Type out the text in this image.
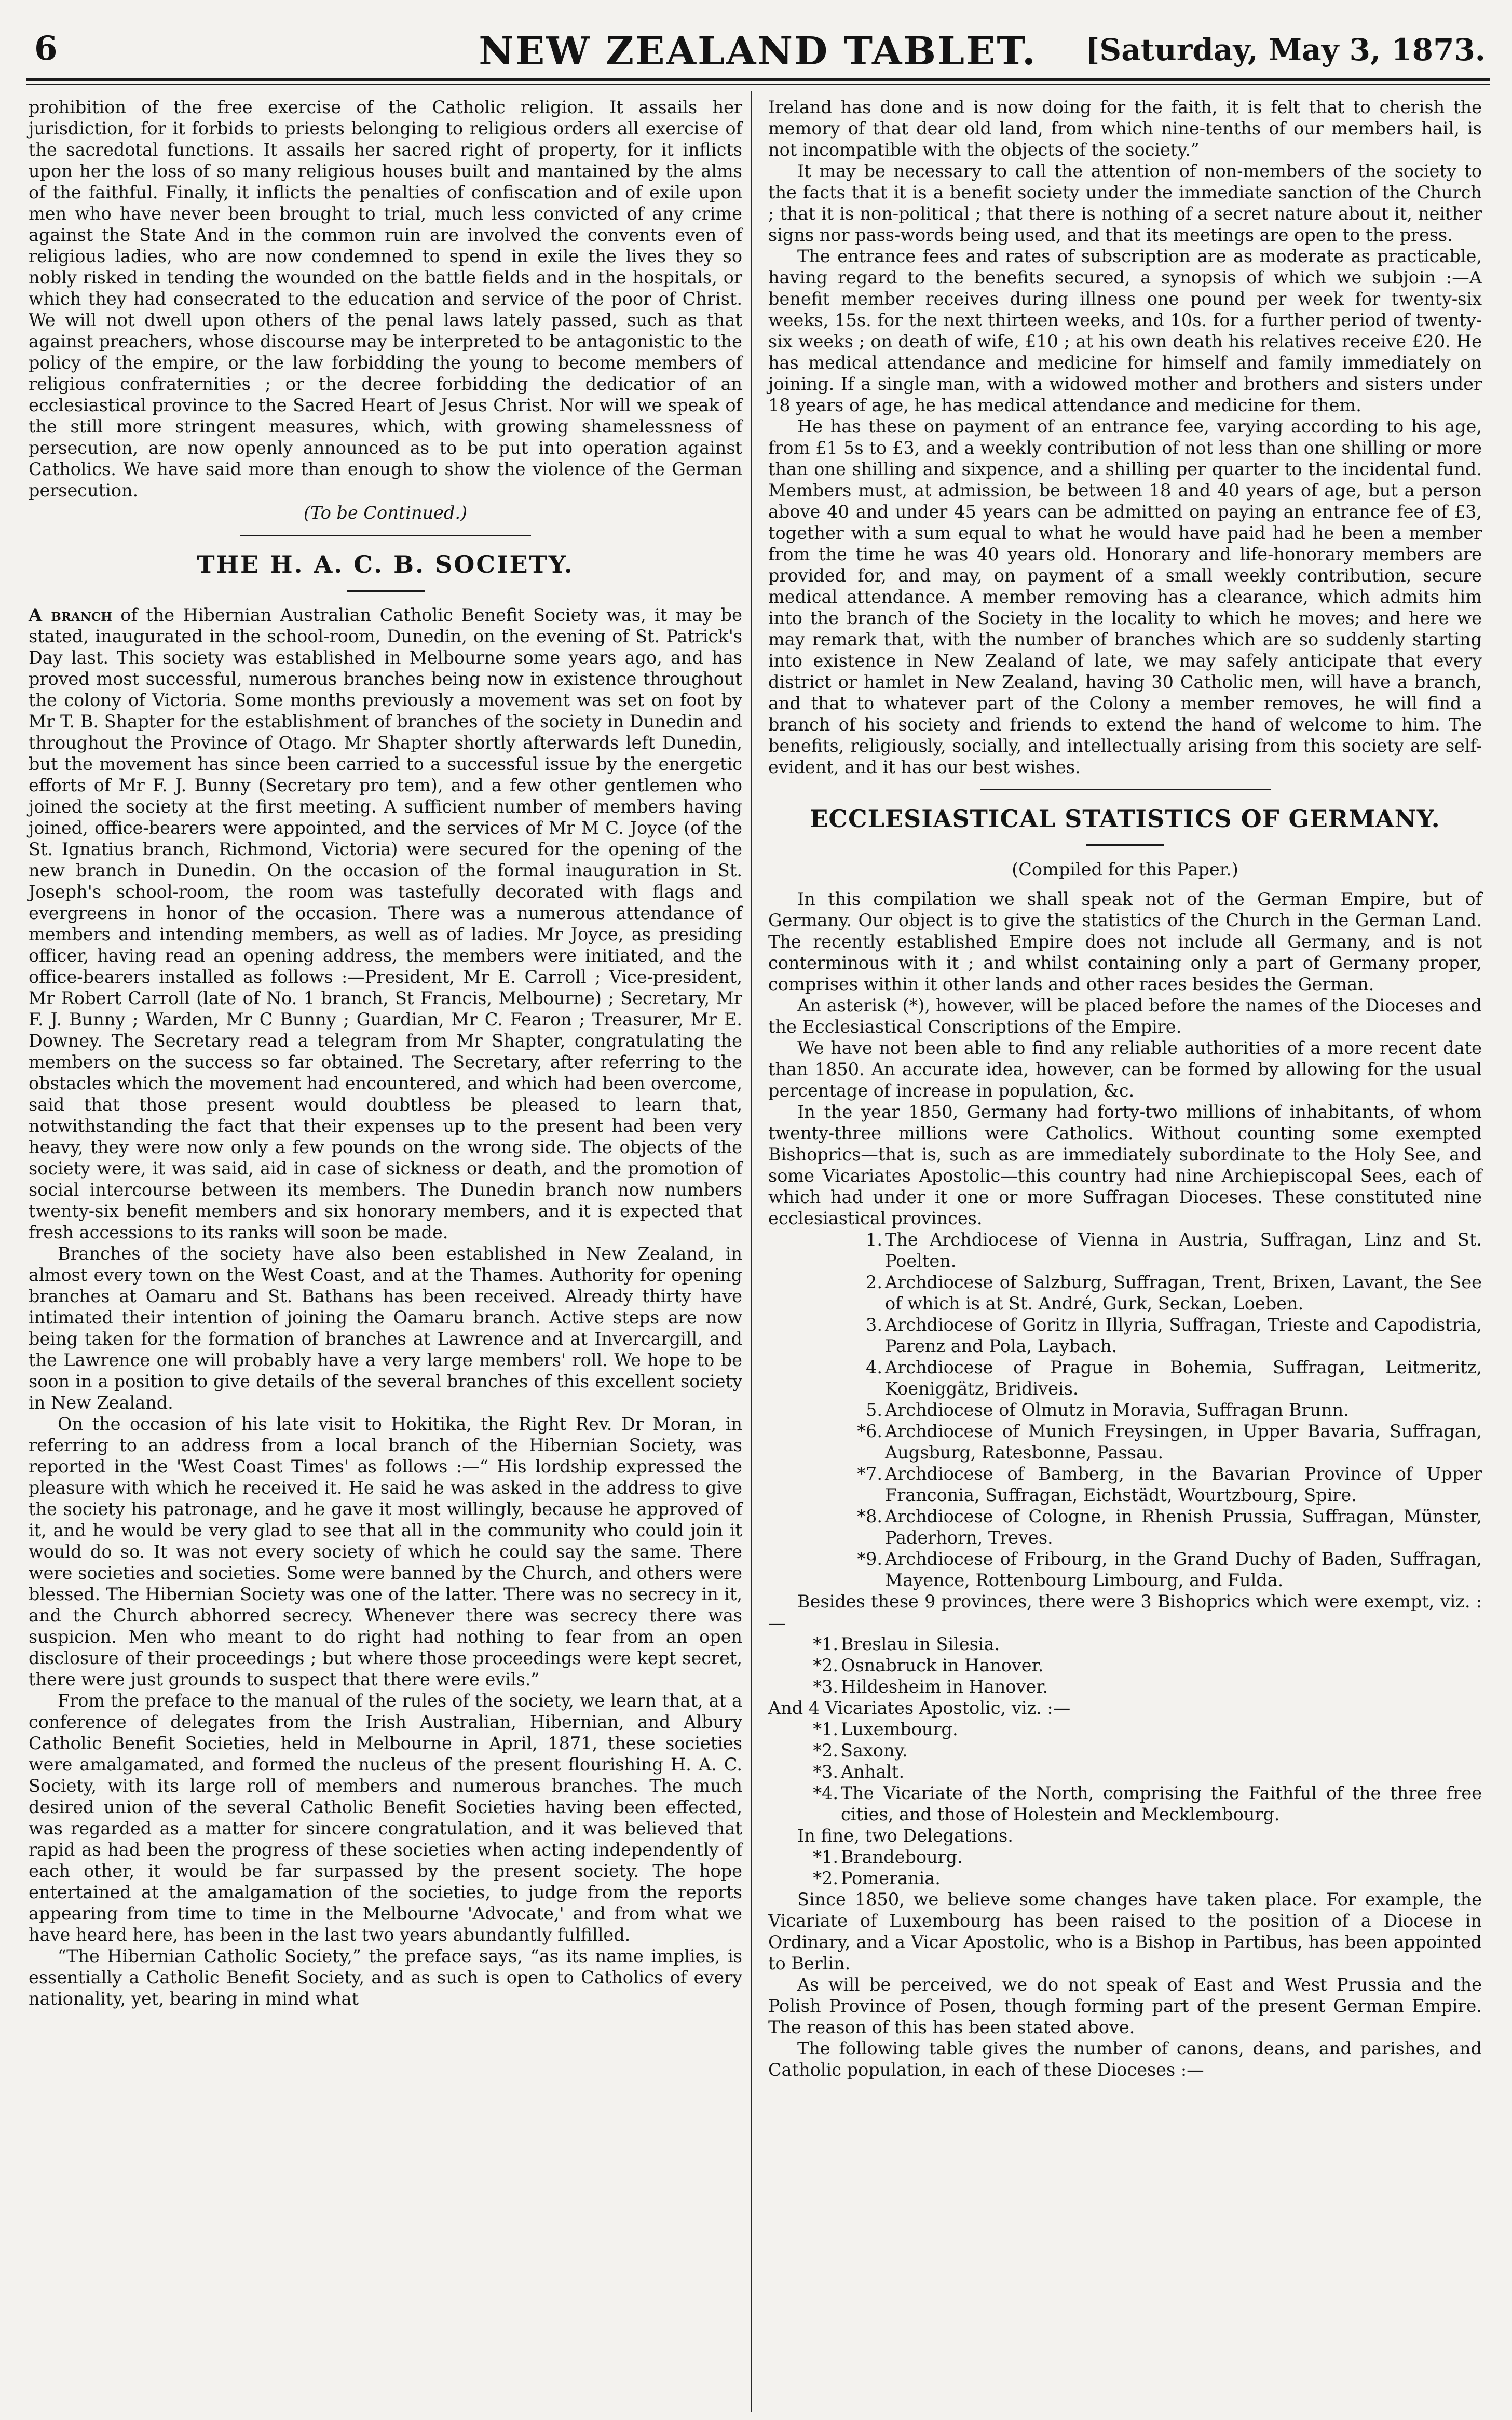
6	NEW ZEALAND TABLET.	[Saturday, May 3, 1873.

prohibition of the free exercise of the Catholic religion. It assails her jurisdiction, for it forbids to priests belonging to religious orders all exercise of the sacredotal functions. It assails her sacred right of property, for it inflicts upon her the loss of so many religious houses built and mantained by the alms of the faithful. Finally, it inflicts the penalties of confiscation and of exile upon men who have never been brought to trial, much less convicted of any crime against the State And in the common ruin are involved the convents even of religious ladies, who are now condemned to spend in exile the lives they so nobly risked in tending the wounded on the battle fields and in the hospitals, or which they had consecrated to the education and service of the poor of Christ. We will not dwell upon others of the penal laws lately passed, such as that against preachers, whose discourse may be interpreted to be antagonistic to the policy of the empire, or the law forbidding the young to become members of religious confraternities ; or the decree forbidding the dedicatior of an ecclesiastical province to the Sacred Heart of Jesus Christ. Nor will we speak of the still more stringent measures, which, with growing shamelessness of persecution, are now openly announced as to be put into operation against Catholics. We have said more than enough to show the violence of the German persecution.

(To be Continued.)

THE H. A. C. B. SOCIETY.

A branch of the Hibernian Australian Catholic Benefit Society was, it may be stated, inaugurated in the school-room, Dunedin, on the evening of St. Patrick's Day last. This society was established in Melbourne some years ago, and has proved most successful, numerous branches being now in existence throughout the colony of Victoria. Some months previously a movement was set on foot by Mr T. B. Shapter for the establishment of branches of the society in Dunedin and throughout the Province of Otago. Mr Shapter shortly afterwards left Dunedin, but the movement has since been carried to a successful issue by the energetic efforts of Mr F. J. Bunny (Secretary pro tem), and a few other gentlemen who joined the society at the first meeting. A sufficient number of members having joined, office-bearers were appointed, and the services of Mr M C. Joyce (of the St. Ignatius branch, Richmond, Victoria) were secured for the opening of the new branch in Dunedin. On the occasion of the formal inauguration in St. Joseph's school-room, the room was tastefully decorated with flags and evergreens in honor of the occasion. There was a numerous attendance of members and intending members, as well as of ladies. Mr Joyce, as presiding officer, having read an opening address, the members were initiated, and the office-bearers installed as follows :—President, Mr E. Carroll ; Vice-president, Mr Robert Carroll (late of No. 1 branch, St Francis, Melbourne) ; Secretary, Mr F. J. Bunny ; Warden, Mr C Bunny ; Guardian, Mr C. Fearon ; Treasurer, Mr E. Downey. The Secretary read a telegram from Mr Shapter, congratulating the members on the success so far obtained. The Secretary, after referring to the obstacles which the movement had encountered, and which had been overcome, said that those present would doubtless be pleased to learn that, notwithstanding the fact that their expenses up to the present had been very heavy, they were now only a few pounds on the wrong side. The objects of the society were, it was said, aid in case of sickness or death, and the promotion of social intercourse between its members. The Dunedin branch now numbers twenty-six benefit members and six honorary members, and it is expected that fresh accessions to its ranks will soon be made.

Branches of the society have also been established in New Zealand, in almost every town on the West Coast, and at the Thames. Authority for opening branches at Oamaru and St. Bathans has been received. Already thirty have intimated their intention of joining the Oamaru branch. Active steps are now being taken for the formation of branches at Lawrence and at Invercargill, and the Lawrence one will probably have a very large members' roll. We hope to be soon in a position to give details of the several branches of this excellent society in New Zealand.

On the occasion of his late visit to Hokitika, the Right Rev. Dr Moran, in referring to an address from a local branch of the Hibernian Society, was reported in the 'West Coast Times' as follows :—“ His lordship expressed the pleasure with which he received it. He said he was asked in the address to give the society his patronage, and he gave it most willingly, because he approved of it, and he would be very glad to see that all in the community who could join it would do so. It was not every society of which he could say the same. There were societies and societies. Some were banned by the Church, and others were blessed. The Hibernian Society was one of the latter. There was no secrecy in it, and the Church abhorred secrecy. Whenever there was secrecy there was suspicion. Men who meant to do right had nothing to fear from an open disclosure of their proceedings ; but where those proceedings were kept secret, there were just grounds to suspect that there were evils.”

From the preface to the manual of the rules of the society, we learn that, at a conference of delegates from the Irish Australian, Hibernian, and Albury Catholic Benefit Societies, held in Melbourne in April, 1871, these societies were amalgamated, and formed the nucleus of the present flourishing H. A. C. Society, with its large roll of members and numerous branches. The much desired union of the several Catholic Benefit Societies having been effected, was regarded as a matter for sincere congratulation, and it was believed that rapid as had been the progress of these societies when acting independently of each other, it would be far surpassed by the present society. The hope entertained at the amalgamation of the societies, to judge from the reports appearing from time to time in the Melbourne 'Advocate,' and from what we have heard here, has been in the last two years abundantly fulfilled.

“The Hibernian Catholic Society,” the preface says, “as its name implies, is essentially a Catholic Benefit Society, and as such is open to Catholics of every nationality, yet, bearing in mind what

Ireland has done and is now doing for the faith, it is felt that to cherish the memory of that dear old land, from which nine-tenths of our members hail, is not incompatible with the objects of the society.”

It may be necessary to call the attention of non-members of the society to the facts that it is a benefit society under the immediate sanction of the Church ; that it is non-political ; that there is nothing of a secret nature about it, neither signs nor pass-words being used, and that its meetings are open to the press.

The entrance fees and rates of subscription are as moderate as practicable, having regard to the benefits secured, a synopsis of which we subjoin :—A benefit member receives during illness one pound per week for twenty-six weeks, 15s. for the next thirteen weeks, and 10s. for a further period of twenty-six weeks ; on death of wife, £10 ; at his own death his relatives receive £20. He has medical attendance and medicine for himself and family immediately on joining. If a single man, with a widowed mother and brothers and sisters under 18 years of age, he has medical attendance and medicine for them.

He has these on payment of an entrance fee, varying according to his age, from £1 5s to £3, and a weekly contribution of not less than one shilling or more than one shilling and sixpence, and a shilling per quarter to the incidental fund. Members must, at admission, be between 18 and 40 years of age, but a person above 40 and under 45 years can be admitted on paying an entrance fee of £3, together with a sum equal to what he would have paid had he been a member from the time he was 40 years old. Honorary and life-honorary members are provided for, and may, on payment of a small weekly contribution, secure medical attendance. A member removing has a clearance, which admits him into the branch of the Society in the locality to which he moves; and here we may remark that, with the number of branches which are so suddenly starting into existence in New Zealand of late, we may safely anticipate that every district or hamlet in New Zealand, having 30 Catholic men, will have a branch, and that to whatever part of the Colony a member removes, he will find a branch of his society and friends to extend the hand of welcome to him. The benefits, religiously, socially, and intellectually arising from this society are self-evident, and it has our best wishes.

ECCLESIASTICAL STATISTICS OF GERMANY.

(Compiled for this Paper.)

In this compilation we shall speak not of the German Empire, but of Germany. Our object is to give the statistics of the Church in the German Land. The recently established Empire does not include all Germany, and is not conterminous with it ; and whilst containing only a part of Germany proper, comprises within it other lands and other races besides the German.

An asterisk (*), however, will be placed before the names of the Dioceses and the Ecclesiastical Conscriptions of the Empire.

We have not been able to find any reliable authorities of a more recent date than 1850. An accurate idea, however, can be formed by allowing for the usual percentage of increase in population, &c.

In the year 1850, Germany had forty-two millions of inhabitants, of whom twenty-three millions were Catholics. Without counting some exempted Bishoprics—that is, such as are immediately subordinate to the Holy See, and some Vicariates Apostolic—this country had nine Archiepiscopal Sees, each of which had under it one or more Suffragan Dioceses. These constituted nine ecclesiastical provinces.

1. The Archdiocese of Vienna in Austria, Suffragan, Linz and St. Poelten.
2. Archdiocese of Salzburg, Suffragan, Trent, Brixen, Lavant, the See of which is at St. André, Gurk, Seckan, Loeben.
3. Archdiocese of Goritz in Illyria, Suffragan, Trieste and Capodistria, Parenz and Pola, Laybach.
4. Archdiocese of Prague in Bohemia, Suffragan, Leitmeritz, Koeniggätz, Bridiveis.
5. Archdiocese of Olmutz in Moravia, Suffragan Brunn.
*6. Archdiocese of Munich Freysingen, in Upper Bavaria, Suffragan, Augsburg, Ratesbonne, Passau.
*7. Archdiocese of Bamberg, in the Bavarian Province of Upper Franconia, Suffragan, Eichstädt, Wourtzbourg, Spire.
*8. Archdiocese of Cologne, in Rhenish Prussia, Suffragan, Münster, Paderhorn, Treves.
*9. Archdiocese of Fribourg, in the Grand Duchy of Baden, Suffragan, Mayence, Rottenbourg Limbourg, and Fulda.

Besides these 9 provinces, there were 3 Bishoprics which were exempt, viz. :—

*1. Breslau in Silesia.
*2. Osnabruck in Hanover.
*3. Hildesheim in Hanover.

And 4 Vicariates Apostolic, viz. :—

*1. Luxembourg.
*2. Saxony.
*3. Anhalt.
*4. The Vicariate of the North, comprising the Faithful of the three free cities, and those of Holestein and Mecklembourg.

In fine, two Delegations.

*1. Brandebourg.
*2. Pomerania.

Since 1850, we believe some changes have taken place. For example, the Vicariate of Luxembourg has been raised to the position of a Diocese in Ordinary, and a Vicar Apostolic, who is a Bishop in Partibus, has been appointed to Berlin.

As will be perceived, we do not speak of East and West Prussia and the Polish Province of Posen, though forming part of the present German Empire. The reason of this has been stated above.

The following table gives the number of canons, deans, and parishes, and Catholic population, in each of these Dioceses :—
